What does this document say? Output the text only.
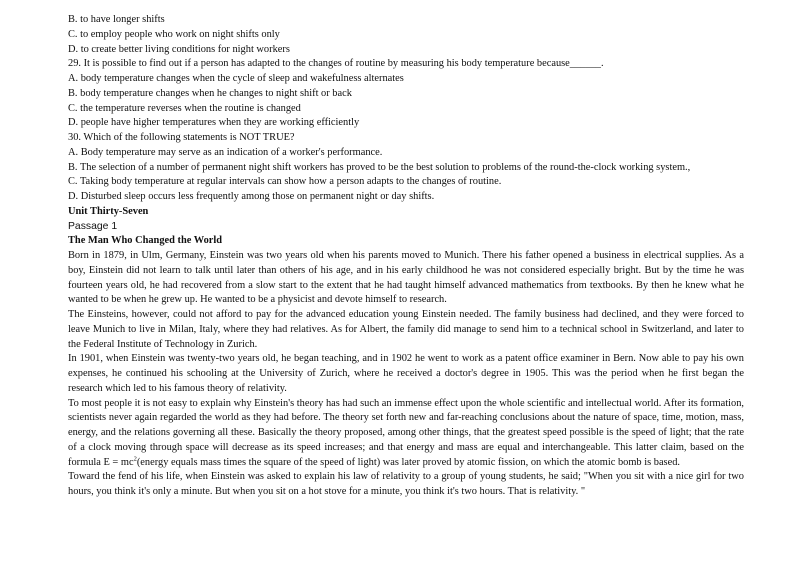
B. to have longer shifts
C. to employ people who work on night shifts only
D. to create better living conditions for night workers
29. It is possible to find out if a person has adapted to the changes of routine by measuring his body temperature because______.
A. body temperature changes when the cycle of sleep and wakefulness alternates
B. body temperature changes when he changes to night shift or back
C. the temperature reverses when the routine is changed
D. people have higher temperatures when they are working efficiently
30. Which of the following statements is NOT TRUE?
A. Body temperature may serve as an indication of a worker's performance.
B. The selection of a number of permanent night shift workers has proved to be the best solution to problems of the round-the-clock working system.,
C. Taking body temperature at regular intervals can show how a person adapts to the changes of routine.
D. Disturbed sleep occurs less frequently among those on permanent night or day shifts.
Unit Thirty-Seven
Passage 1
The Man Who Changed the World
Born in 1879, in Ulm, Germany, Einstein was two years old when his parents moved to Munich. There his father opened a business in electrical supplies. As a boy, Einstein did not learn to talk until later than others of his age, and in his early childhood he was not considered especially bright. But by the time he was fourteen years old, he had recovered from a slow start to the extent that he had taught himself advanced mathematics from textbooks. By then he knew what he wanted to be when he grew up. He wanted to be a physicist and devote himself to research.
The Einsteins, however, could not afford to pay for the advanced education young Einstein needed. The family business had declined, and they were forced to leave Munich to live in Milan, Italy, where they had relatives. As for Albert, the family did manage to send him to a technical school in Switzerland, and later to the Federal Institute of Technology in Zurich.
In 1901, when Einstein was twenty-two years old, he began teaching, and in 1902 he went to work as a patent office examiner in Bern. Now able to pay his own expenses, he continued his schooling at the University of Zurich, where he received a doctor's degree in 1905. This was the period when he first began the research which led to his famous theory of relativity.
To most people it is not easy to explain why Einstein's theory has had such an immense effect upon the whole scientific and intellectual world. After its formation, scientists never again regarded the world as they had before. The theory set forth new and far-reaching conclusions about the nature of space, time, motion, mass, energy, and the relations governing all these. Basically the theory proposed, among other things, that the greatest speed possible is the speed of light; that the rate of a clock moving through space will decrease as its speed increases; and that energy and mass are equal and interchangeable. This latter claim, based on the formula $E = mc^2(energy$ equals mass times the square of the speed of light) was later proved by atomic fission, on which the atomic bomb is based.
Toward the fend of his life, when Einstein was asked to explain his law of relativity to a group of young students, he said; "When you sit with a nice girl for two hours, you think it's only a minute. But when you sit on a hot stove for a minute, you think it's two hours. That is relativity. "
